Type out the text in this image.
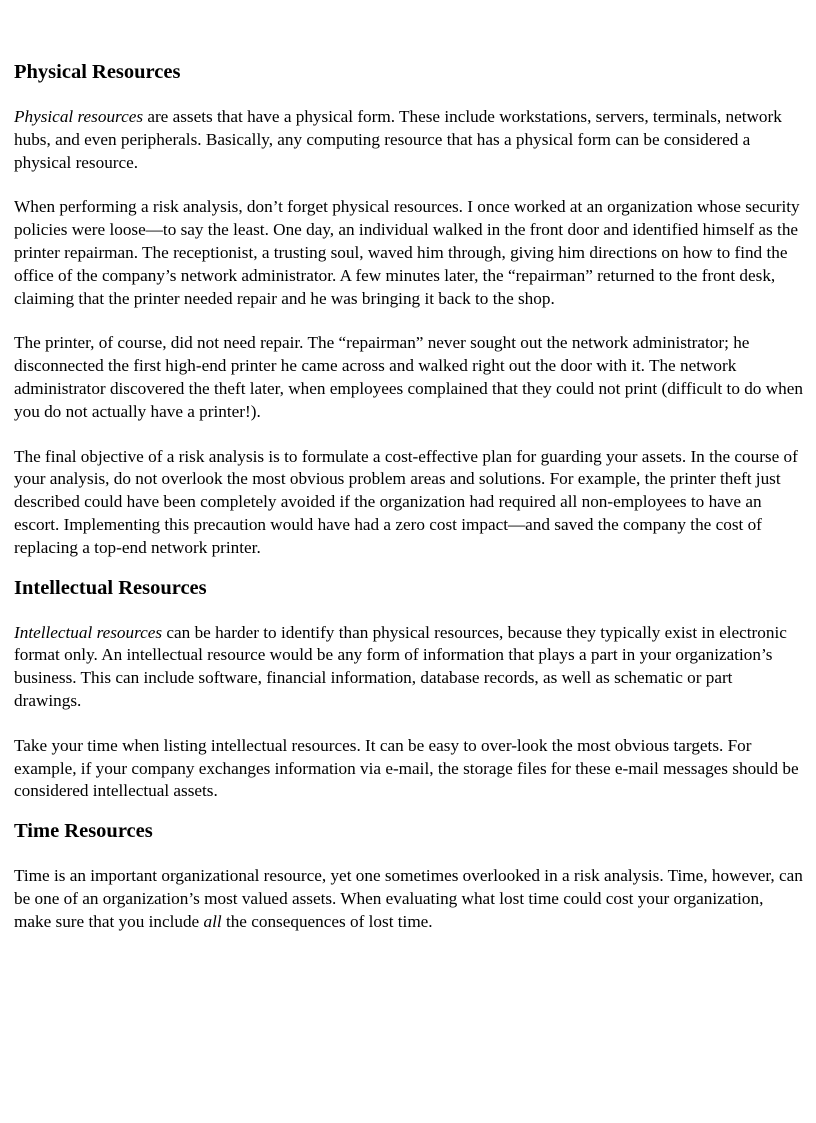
Physical Resources

Physical resources are assets that have a physical form. These include workstations, servers, terminals, network hubs, and even peripherals. Basically, any computing resource that has a physical form can be considered a physical resource.

When performing a risk analysis, don’t forget physical resources. I once worked at an organization whose security policies were loose—to say the least. One day, an individual walked in the front door and identified himself as the printer repairman. The receptionist, a trusting soul, waved him through, giving him directions on how to find the office of the company’s network administrator. A few minutes later, the “repairman” returned to the front desk, claiming that the printer needed repair and he was bringing it back to the shop.

The printer, of course, did not need repair. The “repairman” never sought out the network administrator; he disconnected the first high-end printer he came across and walked right out the door with it. The network administrator discovered the theft later, when employees complained that they could not print (difficult to do when you do not actually have a printer!).

The final objective of a risk analysis is to formulate a cost-effective plan for guarding your assets. In the course of your analysis, do not overlook the most obvious problem areas and solutions. For example, the printer theft just described could have been completely avoided if the organization had required all non-employees to have an escort. Implementing this precaution would have had a zero cost impact—and saved the company the cost of replacing a top-end network printer.

Intellectual Resources

Intellectual resources can be harder to identify than physical resources, because they typically exist in electronic format only. An intellectual resource would be any form of information that plays a part in your organization’s business. This can include software, financial information, database records, as well as schematic or part drawings.

Take your time when listing intellectual resources. It can be easy to over-look the most obvious targets. For example, if your company exchanges information via e-mail, the storage files for these e-mail messages should be considered intellectual assets.

Time Resources

Time is an important organizational resource, yet one sometimes overlooked in a risk analysis. Time, however, can be one of an organization’s most valued assets. When evaluating what lost time could cost your organization, make sure that you include all the consequences of lost time.
